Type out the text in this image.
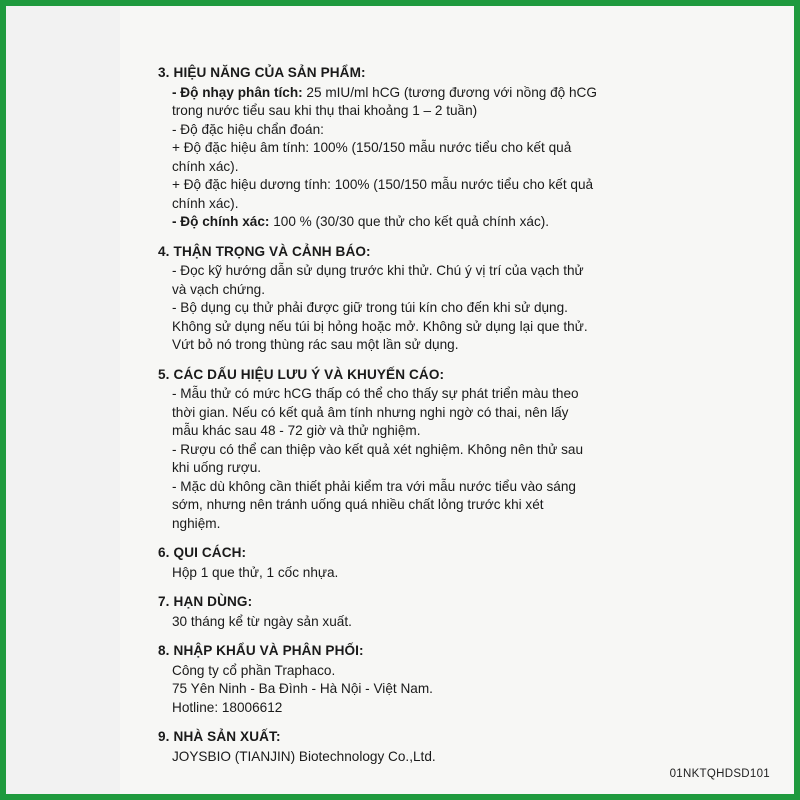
3. HIỆU NĂNG CỦA SẢN PHẨM:
- Độ nhạy phân tích: 25 mIU/ml hCG (tương đương với nồng độ hCG
trong nước tiểu sau khi thụ thai khoảng 1 – 2 tuần)
- Độ đặc hiệu chẩn đoán:
+ Độ đặc hiệu âm tính: 100% (150/150 mẫu nước tiểu cho kết quả
chính xác).
+ Độ đặc hiệu dương tính: 100% (150/150 mẫu nước tiểu cho kết quả
chính xác).
- Độ chính xác: 100 % (30/30 que thử cho kết quả chính xác).
4. THẬN TRỌNG VÀ CẢNH BÁO:
- Đọc kỹ hướng dẫn sử dụng trước khi thử. Chú ý vị trí của vạch thử
và vạch chứng.
- Bộ dụng cụ thử phải được giữ trong túi kín cho đến khi sử dụng.
Không sử dụng nếu túi bị hỏng hoặc mở. Không sử dụng lại que thử.
Vứt bỏ nó trong thùng rác sau một lần sử dụng.
5. CÁC DẤU HIỆU LƯU Ý VÀ KHUYẾN CÁO:
- Mẫu thử có mức hCG thấp có thể cho thấy sự phát triển màu theo
thời gian. Nếu có kết quả âm tính nhưng nghi ngờ có thai, nên lấy
mẫu khác sau 48 - 72 giờ và thử nghiệm.
- Rượu có thể can thiệp vào kết quả xét nghiệm. Không nên thử sau
khi uống rượu.
- Mặc dù không cần thiết phải kiểm tra với mẫu nước tiểu vào sáng
sớm, nhưng nên tránh uống quá nhiều chất lỏng trước khi xét
nghiệm.
6. QUI CÁCH:
Hộp 1 que thử, 1 cốc nhựa.
7. HẠN DÙNG:
30 tháng kể từ ngày sản xuất.
8. NHẬP KHẨU VÀ PHÂN PHỐI:
Công ty cổ phần Traphaco.
75 Yên Ninh - Ba Đình - Hà Nội - Việt Nam.
Hotline: 18006612
9. NHÀ SẢN XUẤT:
JOYSBIO (TIANJIN) Biotechnology Co.,Ltd.
01NKTQHDSD101
